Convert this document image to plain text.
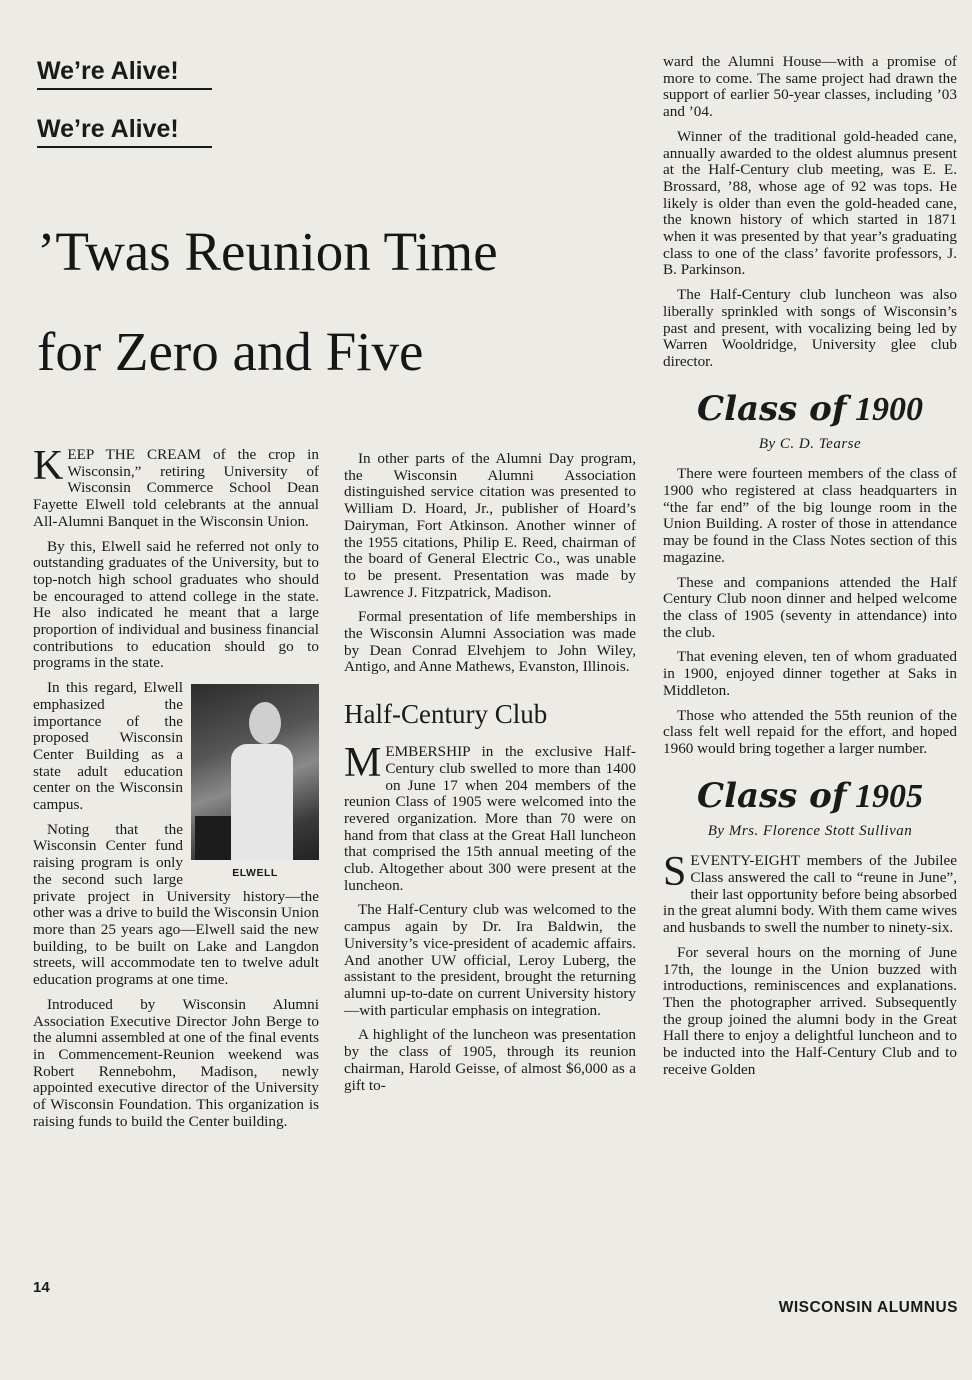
We’re Alive!
We’re Alive!
’Twas Reunion Time
for Zero and Five

KEEP THE CREAM of the crop in Wisconsin,” retiring University of Wisconsin Commerce School Dean Fayette Elwell told celebrants at the annual All-Alumni Banquet in the Wisconsin Union.

By this, Elwell said he referred not only to outstanding graduates of the University, but to top-notch high school graduates who should be encouraged to attend college in the state. He also indicated he meant that a large proportion of individual and business financial contributions to education should go to programs in the state.

ELWELL

In this regard, Elwell emphasized the importance of the proposed Wisconsin Center Building as a state adult education center on the Wisconsin campus.

Noting that the Wisconsin Center fund raising program is only the second such large private project in University history—the other was a drive to build the Wisconsin Union more than 25 years ago—Elwell said the new building, to be built on Lake and Langdon streets, will accommodate ten to twelve adult education programs at one time.

Introduced by Wisconsin Alumni Association Executive Director John Berge to the alumni assembled at one of the final events in Commencement-Reunion weekend was Robert Rennebohm, Madison, newly appointed executive director of the University of Wisconsin Foundation. This organization is raising funds to build the Center building.

In other parts of the Alumni Day program, the Wisconsin Alumni Association distinguished service citation was presented to William D. Hoard, Jr., publisher of Hoard’s Dairyman, Fort Atkinson. Another winner of the 1955 citations, Philip E. Reed, chairman of the board of General Electric Co., was unable to be present. Presentation was made by Lawrence J. Fitzpatrick, Madison.

Formal presentation of life memberships in the Wisconsin Alumni Association was made by Dean Conrad Elvehjem to John Wiley, Antigo, and Anne Mathews, Evanston, Illinois.

Half-Century Club

MEMBERSHIP in the exclusive Half-Century club swelled to more than 1400 on June 17 when 204 members of the reunion Class of 1905 were welcomed into the revered organization. More than 70 were on hand from that class at the Great Hall luncheon that comprised the 15th annual meeting of the club. Altogether about 300 were present at the luncheon.

The Half-Century club was welcomed to the campus again by Dr. Ira Baldwin, the University’s vice-president of academic affairs. And another UW official, Leroy Luberg, the assistant to the president, brought the returning alumni up-to-date on current University history—with particular emphasis on integration.

A highlight of the luncheon was presentation by the class of 1905, through its reunion chairman, Harold Geisse, of almost $6,000 as a gift to-

ward the Alumni House—with a promise of more to come. The same project had drawn the support of earlier 50-year classes, including ’03 and ’04.

Winner of the traditional gold-headed cane, annually awarded to the oldest alumnus present at the Half-Century club meeting, was E. E. Brossard, ’88, whose age of 92 was tops. He likely is older than even the gold-headed cane, the known history of which started in 1871 when it was presented by that year’s graduating class to one of the class’ favorite professors, J. B. Parkinson.

The Half-Century club luncheon was also liberally sprinkled with songs of Wisconsin’s past and present, with vocalizing being led by Warren Wooldridge, University glee club director.

Class of 1900
By C. D. Tearse

There were fourteen members of the class of 1900 who registered at class headquarters in “the far end” of the big lounge room in the Union Building. A roster of those in attendance may be found in the Class Notes section of this magazine.

These and companions attended the Half Century Club noon dinner and helped welcome the class of 1905 (seventy in attendance) into the club.

That evening eleven, ten of whom graduated in 1900, enjoyed dinner together at Saks in Middleton.

Those who attended the 55th reunion of the class felt well repaid for the effort, and hoped 1960 would bring together a larger number.

Class of 1905
By Mrs. Florence Stott Sullivan

SEVENTY-EIGHT members of the Jubilee Class answered the call to “reune in June”, their last opportunity before being absorbed in the great alumni body. With them came wives and husbands to swell the number to ninety-six.

For several hours on the morning of June 17th, the lounge in the Union buzzed with introductions, reminiscences and explanations. Then the photographer arrived. Subsequently the group joined the alumni body in the Great Hall there to enjoy a delightful luncheon and to be inducted into the Half-Century Club and to receive Golden

14
WISCONSIN ALUMNUS
